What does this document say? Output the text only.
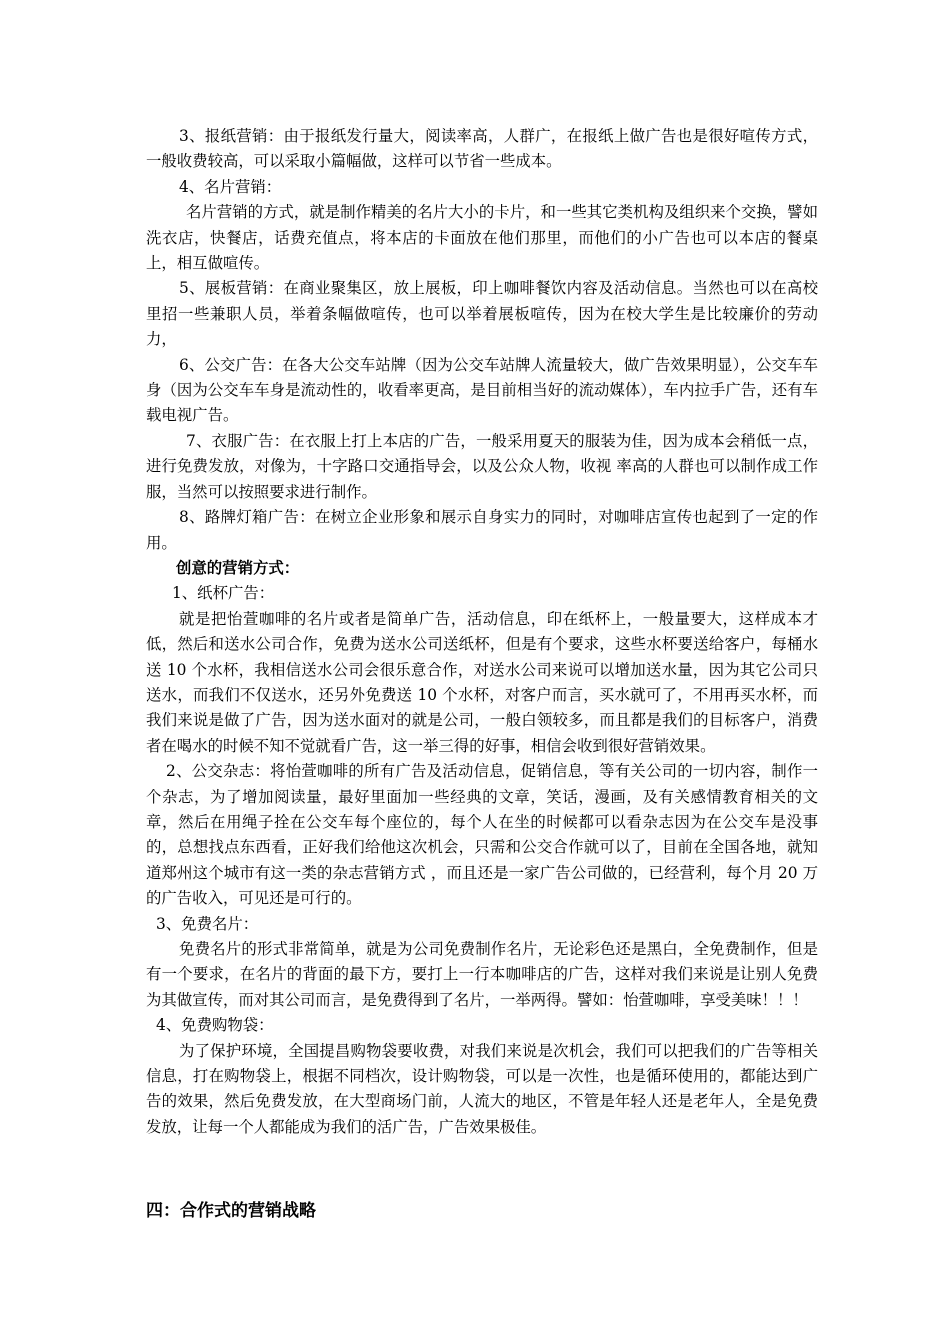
3、报纸营销：由于报纸发行量大，阅读率高，人群广，在报纸上做广告也是很好喧传方式，一般收费较高，可以采取小篇幅做，这样可以节省一些成本。

4、名片营销：

名片营销的方式，就是制作精美的名片大小的卡片，和一些其它类机构及组织来个交换，譬如洗衣店，快餐店，话费充值点，将本店的卡面放在他们那里，而他们的小广告也可以本店的餐桌上，相互做喧传。

5、展板营销：在商业聚集区，放上展板，印上咖啡餐饮内容及活动信息。当然也可以在高校里招一些兼职人员，举着条幅做喧传，也可以举着展板喧传，因为在校大学生是比较廉价的劳动力，

6、公交广告：在各大公交车站牌（因为公交车站牌人流量较大，做广告效果明显），公交车车身（因为公交车车身是流动性的，收看率更高，是目前相当好的流动媒体），车内拉手广告，还有车载电视广告。

7、衣服广告：在衣服上打上本店的广告，一般采用夏天的服装为佳，因为成本会稍低一点，进行免费发放，对像为，十字路口交通指导会，以及公众人物，收视 率高的人群也可以制作成工作服，当然可以按照要求进行制作。

8、路牌灯箱广告：在树立企业形象和展示自身实力的同时，对咖啡店宣传也起到了一定的作用。

创意的营销方式：

1、纸杯广告：

就是把怡萱咖啡的名片或者是简单广告，活动信息，印在纸杯上，一般量要大，这样成本才低，然后和送水公司合作，免费为送水公司送纸杯，但是有个要求，这些水杯要送给客户，每桶水送 10 个水杯，我相信送水公司会很乐意合作，对送水公司来说可以增加送水量，因为其它公司只送水，而我们不仅送水，还另外免费送 10 个水杯，对客户而言，买水就可了，不用再买水杯，而我们来说是做了广告，因为送水面对的就是公司，一般白领较多，而且都是我们的目标客户，消费者在喝水的时候不知不觉就看广告，这一举三得的好事，相信会收到很好营销效果。

2、公交杂志：将怡萱咖啡的所有广告及活动信息，促销信息，等有关公司的一切内容，制作一个杂志，为了增加阅读量，最好里面加一些经典的文章，笑话，漫画，及有关感情教育相关的文章，然后在用绳子拴在公交车每个座位的，每个人在坐的时候都可以看杂志因为在公交车是没事的，总想找点东西看，正好我们给他这次机会，只需和公交合作就可以了，目前在全国各地，就知道郑州这个城市有这一类的杂志营销方式 ，而且还是一家广告公司做的，已经营利，每个月 20 万的广告收入，可见还是可行的。

3、免费名片：

免费名片的形式非常简单，就是为公司免费制作名片，无论彩色还是黑白，全免费制作，但是有一个要求，在名片的背面的最下方，要打上一行本咖啡店的广告，这样对我们来说是让别人免费为其做宣传，而对其公司而言，是免费得到了名片，一举两得。譬如：怡萱咖啡，享受美味！！！

4、免费购物袋：

为了保护环境，全国提昌购物袋要收费，对我们来说是次机会，我们可以把我们的广告等相关信息，打在购物袋上，根据不同档次，设计购物袋，可以是一次性，也是循环使用的，都能达到广告的效果，然后免费发放，在大型商场门前，人流大的地区，不管是年轻人还是老年人，全是免费发放，让每一个人都能成为我们的活广告，广告效果极佳。

四：合作式的营销战略
